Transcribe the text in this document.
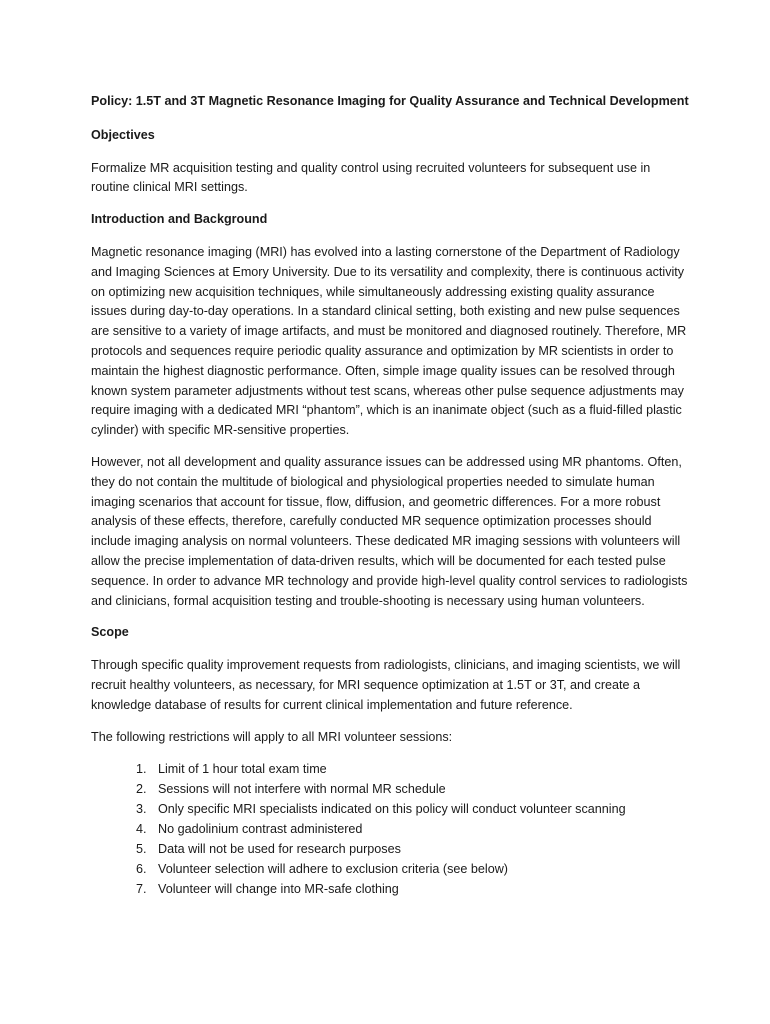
Policy: 1.5T and 3T Magnetic Resonance Imaging for Quality Assurance and Technical Development
Objectives

Formalize MR acquisition testing and quality control using recruited volunteers for subsequent use in routine clinical MRI settings.

Introduction and Background

Magnetic resonance imaging (MRI) has evolved into a lasting cornerstone of the Department of Radiology and Imaging Sciences at Emory University. Due to its versatility and complexity, there is continuous activity on optimizing new acquisition techniques, while simultaneously addressing existing quality assurance issues during day-to-day operations. In a standard clinical setting, both existing and new pulse sequences are sensitive to a variety of image artifacts, and must be monitored and diagnosed routinely. Therefore, MR protocols and sequences require periodic quality assurance and optimization by MR scientists in order to maintain the highest diagnostic performance. Often, simple image quality issues can be resolved through known system parameter adjustments without test scans, whereas other pulse sequence adjustments may require imaging with a dedicated MRI “phantom”, which is an inanimate object (such as a fluid-filled plastic cylinder) with specific MR-sensitive properties.

However, not all development and quality assurance issues can be addressed using MR phantoms. Often, they do not contain the multitude of biological and physiological properties needed to simulate human imaging scenarios that account for tissue, flow, diffusion, and geometric differences. For a more robust analysis of these effects, therefore, carefully conducted MR sequence optimization processes should include imaging analysis on normal volunteers. These dedicated MR imaging sessions with volunteers will allow the precise implementation of data-driven results, which will be documented for each tested pulse sequence. In order to advance MR technology and provide high-level quality control services to radiologists and clinicians, formal acquisition testing and trouble-shooting is necessary using human volunteers.

Scope

Through specific quality improvement requests from radiologists, clinicians, and imaging scientists, we will recruit healthy volunteers, as necessary, for MRI sequence optimization at 1.5T or 3T, and create a knowledge database of results for current clinical implementation and future reference.

The following restrictions will apply to all MRI volunteer sessions:

1. Limit of 1 hour total exam time
2. Sessions will not interfere with normal MR schedule
3. Only specific MRI specialists indicated on this policy will conduct volunteer scanning
4. No gadolinium contrast administered
5. Data will not be used for research purposes
6. Volunteer selection will adhere to exclusion criteria (see below)
7. Volunteer will change into MR-safe clothing
